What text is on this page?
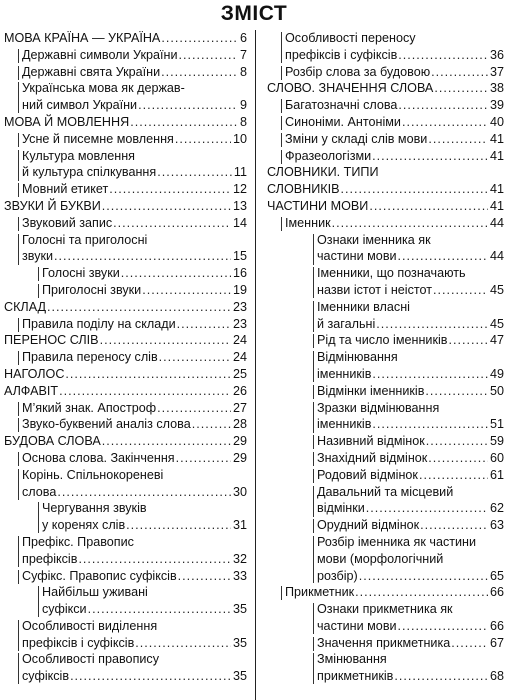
ЗМІСТ
МОВА КРАЇНА — УКРАЇНА .....	6
Державні символи України .....	7
Державні свята України .....	8
Українська мова як держав-
ний символ України .....	9
МОВА Й МОВЛЕННЯ .....	8
Усне й писемне мовлення .....	10
Культура мовлення
й культура спілкування .....	11
Мовний етикет .....	12
ЗВУКИ Й БУКВИ .....	13
Звуковий запис .....	14
Голосні та приголосні
звуки .....	15
Голосні звуки .....	16
Приголосні звуки .....	19
СКЛАД .....	23
Правила поділу на склади .....	23
ПЕРЕНОС СЛІВ .....	24
Правила переносу слів .....	24
НАГОЛОС .....	25
АЛФАВІТ .....	26
М’який знак. Апостроф .....	27
Звуко-буквений аналіз слова .....	28
БУДОВА СЛОВА .....	29
Основа слова. Закінчення .....	29
Корінь. Спільнокореневі
слова .....	30
Чергування звуків
у коренях слів .....	31
Префікс. Правопис
префіксів .....	32
Суфікс. Правопис суфіксів .....	33
Найбільш уживані
суфікси .....	35
Особливості виділення
префіксів і суфіксів .....	35
Особливості правопису
суфіксів .....	35
Особливості переносу
префіксів і суфіксів .....	36
Розбір слова за будовою .....	37
СЛОВО. ЗНАЧЕННЯ СЛОВА .....	38
Багатозначні слова .....	39
Синоніми. Антоніми .....	40
Зміни у складі слів мови .....	41
Фразеологізми .....	41
СЛОВНИКИ. ТИПИ
СЛОВНИКІВ .....	41
ЧАСТИНИ МОВИ .....	41
Іменник .....	44
Ознаки іменника як
частини мови .....	44
Іменники, що позначають
назви істот і неістот .....	45
Іменники власні
й загальні .....	45
Рід та число іменників .....	47
Відмінювання
іменників .....	49
Відмінки іменників .....	50
Зразки відмінювання
іменників .....	51
Називний відмінок .....	59
Знахідний відмінок .....	60
Родовий відмінок .....	61
Давальний та місцевий
відмінки .....	62
Орудний відмінок .....	63
Розбір іменника як частини
мови (морфологічний
розбір) .....	65
Прикметник .....	66
Ознаки прикметника як
частини мови .....	66
Значення прикметника .....	67
Змінювання
прикметників .....	68
